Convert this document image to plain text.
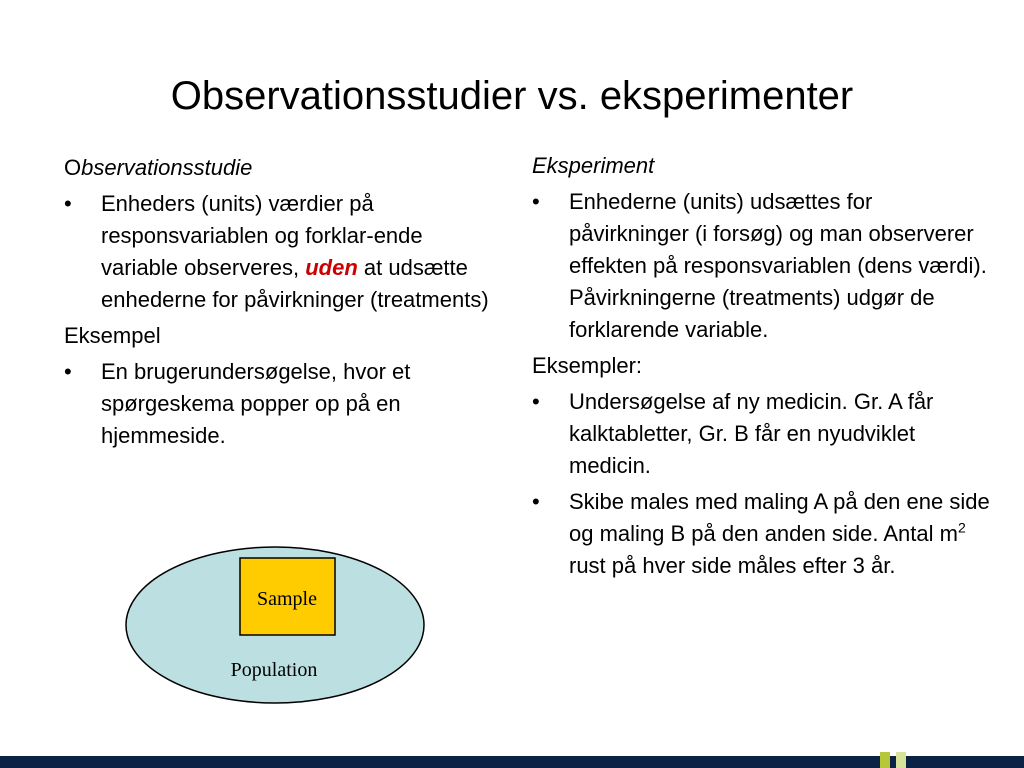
Observationsstudier vs. eksperimenter
Observationsstudie
• Enheders (units) værdier på responsvariablen og forklar-ende variable observeres, uden at udsætte enhederne for påvirkninger (treatments)
Eksempel
• En brugerundersøgelse, hvor et spørgeskema popper op på en hjemmeside.
Eksperiment
• Enhederne (units) udsættes for påvirkninger (i forsøg) og man observerer effekten på responsvariablen (dens værdi). Påvirkningerne (treatments) udgør de forklarende variable.
Eksempler:
• Undersøgelse af ny medicin. Gr. A får kalktabletter, Gr. B får en nyudviklet medicin.
• Skibe males med maling A på den ene side og maling B på den anden side. Antal $m^2$ rust på hver side måles efter 3 år.
Sample
Population
